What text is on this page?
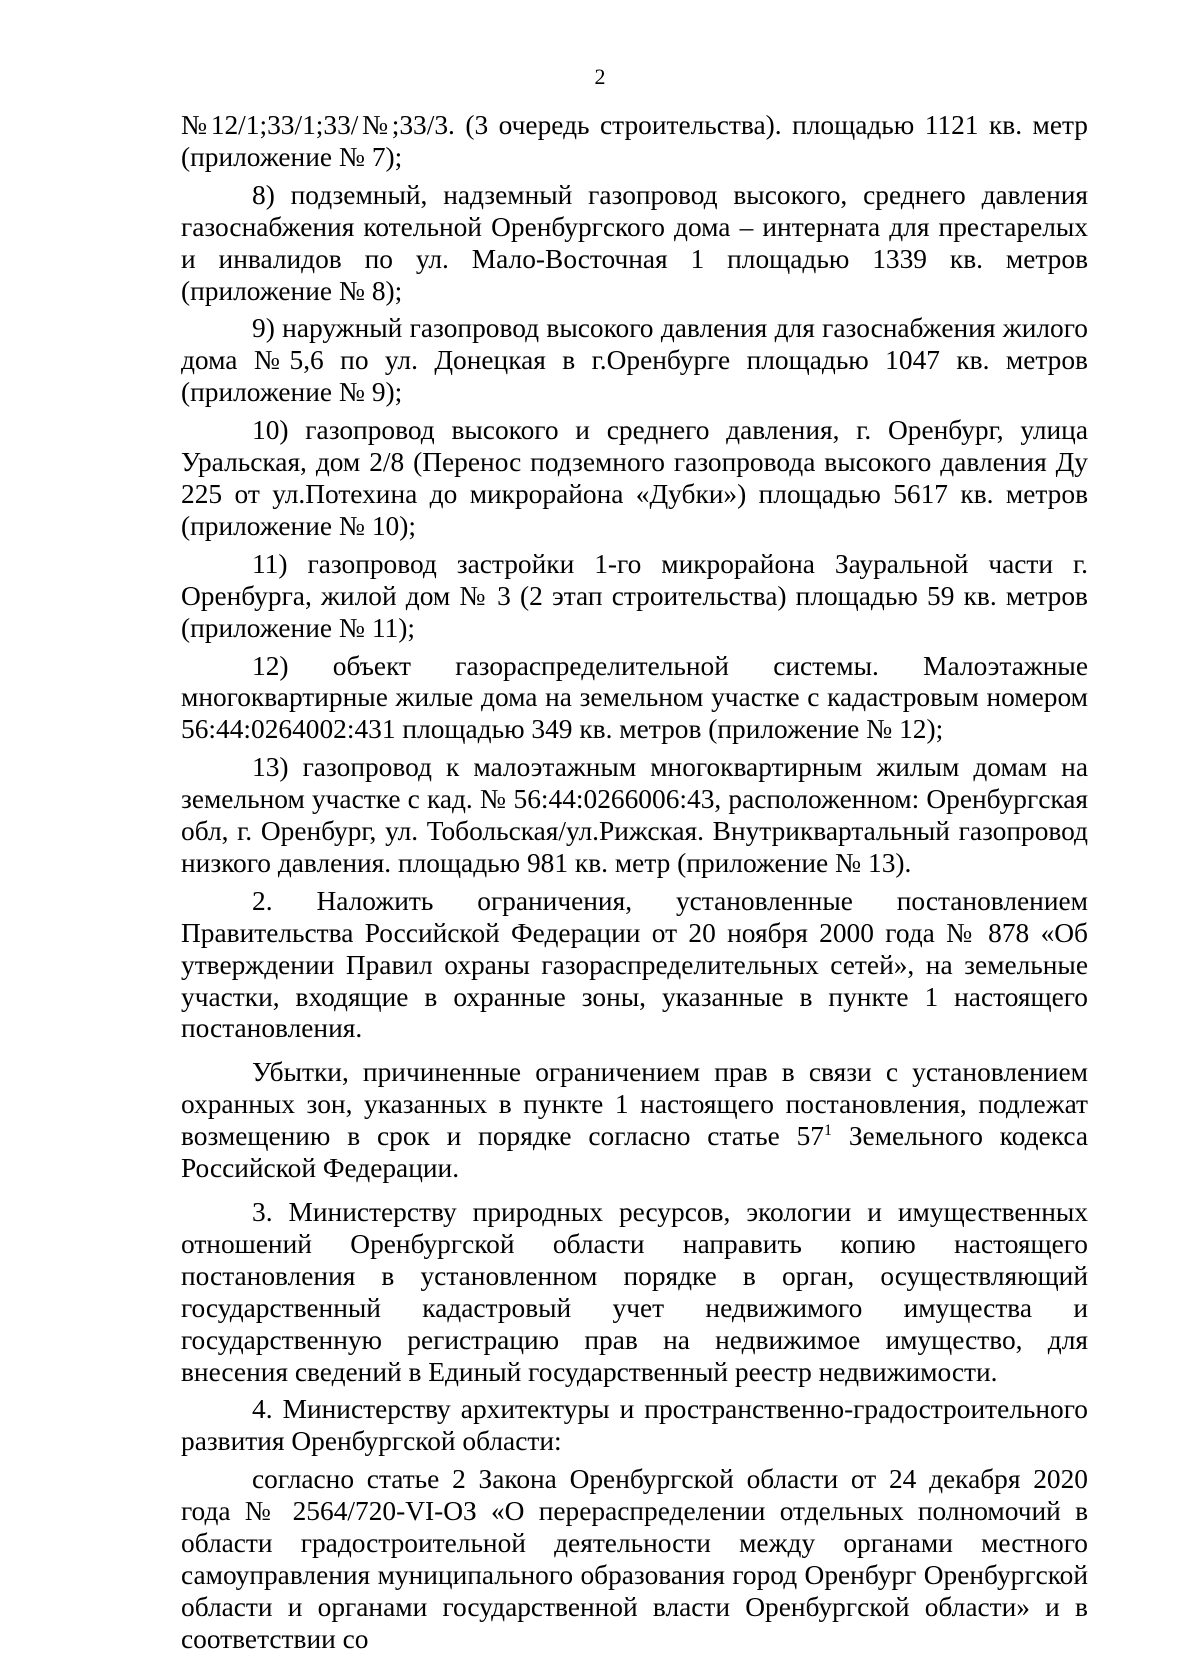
2

№12/1;33/1;33/№;33/3. (3 очередь строительства). площадью 1121 кв. метр (приложение № 7);

8) подземный, надземный газопровод высокого, среднего давления газоснабжения котельной Оренбургского дома – интерната для престарелых и инвалидов по ул. Мало-Восточная 1 площадью 1339 кв. метров (приложение № 8);

9) наружный газопровод высокого давления для газоснабжения жилого дома №5,6 по ул. Донецкая в г.Оренбурге площадью 1047 кв. метров (приложение № 9);

10) газопровод высокого и среднего давления, г. Оренбург, улица Уральская, дом 2/8 (Перенос подземного газопровода высокого давления Ду 225 от ул.Потехина до микрорайона «Дубки») площадью 5617 кв. метров (приложение № 10);

11) газопровод застройки 1-го микрорайона Зауральной части г. Оренбурга, жилой дом № 3 (2 этап строительства) площадью 59 кв. метров (приложение № 11);

12) объект газораспределительной системы. Малоэтажные многоквартирные жилые дома на земельном участке с кадастровым номером 56:44:0264002:431 площадью 349 кв. метров (приложение № 12);

13) газопровод к малоэтажным многоквартирным жилым домам на земельном участке с кад. № 56:44:0266006:43, расположенном: Оренбургская обл, г. Оренбург, ул. Тобольская/ул.Рижская. Внутриквартальный газопровод низкого давления. площадью 981 кв. метр (приложение № 13).

2. Наложить ограничения, установленные постановлением Правительства Российской Федерации от 20 ноября 2000 года № 878 «Об утверждении Правил охраны газораспределительных сетей», на земельные участки, входящие в охранные зоны, указанные в пункте 1 настоящего постановления.

Убытки, причиненные ограничением прав в связи с установлением охранных зон, указанных в пункте 1 настоящего постановления, подлежат возмещению в срок и порядке согласно статье $57^1$ Земельного кодекса Российской Федерации.

3. Министерству природных ресурсов, экологии и имущественных отношений Оренбургской области направить копию настоящего постановления в установленном порядке в орган, осуществляющий государственный кадастровый учет недвижимого имущества и государственную регистрацию прав на недвижимое имущество, для внесения сведений в Единый государственный реестр недвижимости.

4. Министерству архитектуры и пространственно-градостроительного развития Оренбургской области:

согласно статье 2 Закона Оренбургской области от 24 декабря 2020 года № 2564/720-VI-ОЗ «О перераспределении отдельных полномочий в области градостроительной деятельности между органами местного самоуправления муниципального образования город Оренбург Оренбургской области и органами государственной власти Оренбургской области» и в соответствии со
